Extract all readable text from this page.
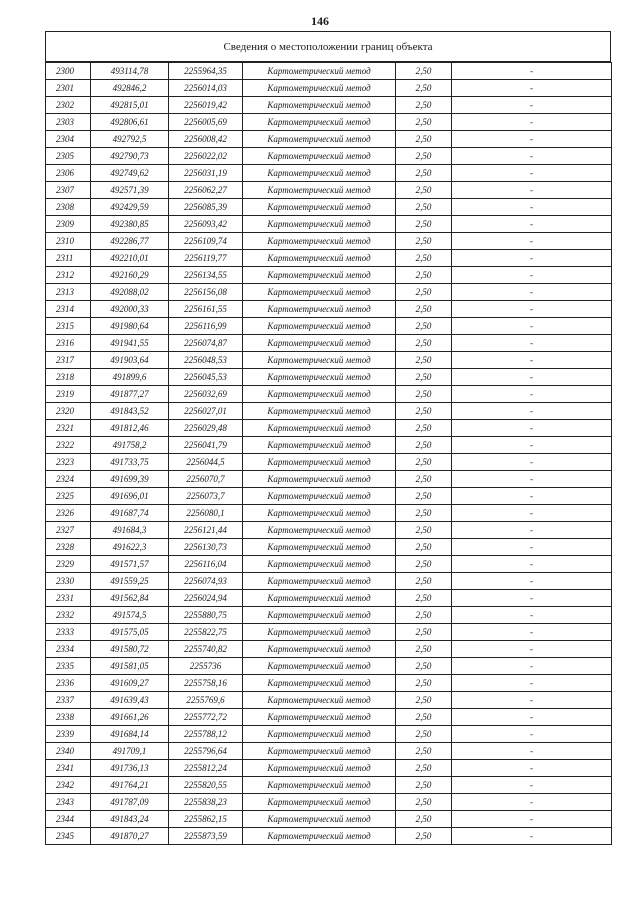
146
Сведения о местоположении границ объекта
2300	493114,78	2255964,35	Картометрический метод	2,50		-
2301	492846,2	2256014,03	Картометрический метод	2,50		-
2302	492815,01	2256019,42	Картометрический метод	2,50		-
2303	492806,61	2256005,69	Картометрический метод	2,50		-
2304	492792,5	2256008,42	Картометрический метод	2,50		-
2305	492790,73	2256022,02	Картометрический метод	2,50		-
2306	492749,62	2256031,19	Картометрический метод	2,50		-
2307	492571,39	2256062,27	Картометрический метод	2,50		-
2308	492429,59	2256085,39	Картометрический метод	2,50		-
2309	492380,85	2256093,42	Картометрический метод	2,50		-
2310	492286,77	2256109,74	Картометрический метод	2,50		-
2311	492210,01	2256119,77	Картометрический метод	2,50		-
2312	492160,29	2256134,55	Картометрический метод	2,50		-
2313	492088,02	2256156,08	Картометрический метод	2,50		-
2314	492000,33	2256161,55	Картометрический метод	2,50		-
2315	491980,64	2256116,99	Картометрический метод	2,50		-
2316	491941,55	2256074,87	Картометрический метод	2,50		-
2317	491903,64	2256048,53	Картометрический метод	2,50		-
2318	491899,6	2256045,53	Картометрический метод	2,50		-
2319	491877,27	2256032,69	Картометрический метод	2,50		-
2320	491843,52	2256027,01	Картометрический метод	2,50		-
2321	491812,46	2256029,48	Картометрический метод	2,50		-
2322	491758,2	2256041,79	Картометрический метод	2,50		-
2323	491733,75	2256044,5	Картометрический метод	2,50		-
2324	491699,39	2256070,7	Картометрический метод	2,50		-
2325	491696,01	2256073,7	Картометрический метод	2,50		-
2326	491687,74	2256080,1	Картометрический метод	2,50		-
2327	491684,3	2256121,44	Картометрический метод	2,50		-
2328	491622,3	2256130,73	Картометрический метод	2,50		-
2329	491571,57	2256116,04	Картометрический метод	2,50		-
2330	491559,25	2256074,93	Картометрический метод	2,50		-
2331	491562,84	2256024,94	Картометрический метод	2,50		-
2332	491574,5	2255880,75	Картометрический метод	2,50		-
2333	491575,05	2255822,75	Картометрический метод	2,50		-
2334	491580,72	2255740,82	Картометрический метод	2,50		-
2335	491581,05	2255736	Картометрический метод	2,50		-
2336	491609,27	2255758,16	Картометрический метод	2,50		-
2337	491639,43	2255769,6	Картометрический метод	2,50		-
2338	491661,26	2255772,72	Картометрический метод	2,50		-
2339	491684,14	2255788,12	Картометрический метод	2,50		-
2340	491709,1	2255796,64	Картометрический метод	2,50		-
2341	491736,13	2255812,24	Картометрический метод	2,50		-
2342	491764,21	2255820,55	Картометрический метод	2,50		-
2343	491787,09	2255838,23	Картометрический метод	2,50		-
2344	491843,24	2255862,15	Картометрический метод	2,50		-
2345	491870,27	2255873,59	Картометрический метод	2,50		-
